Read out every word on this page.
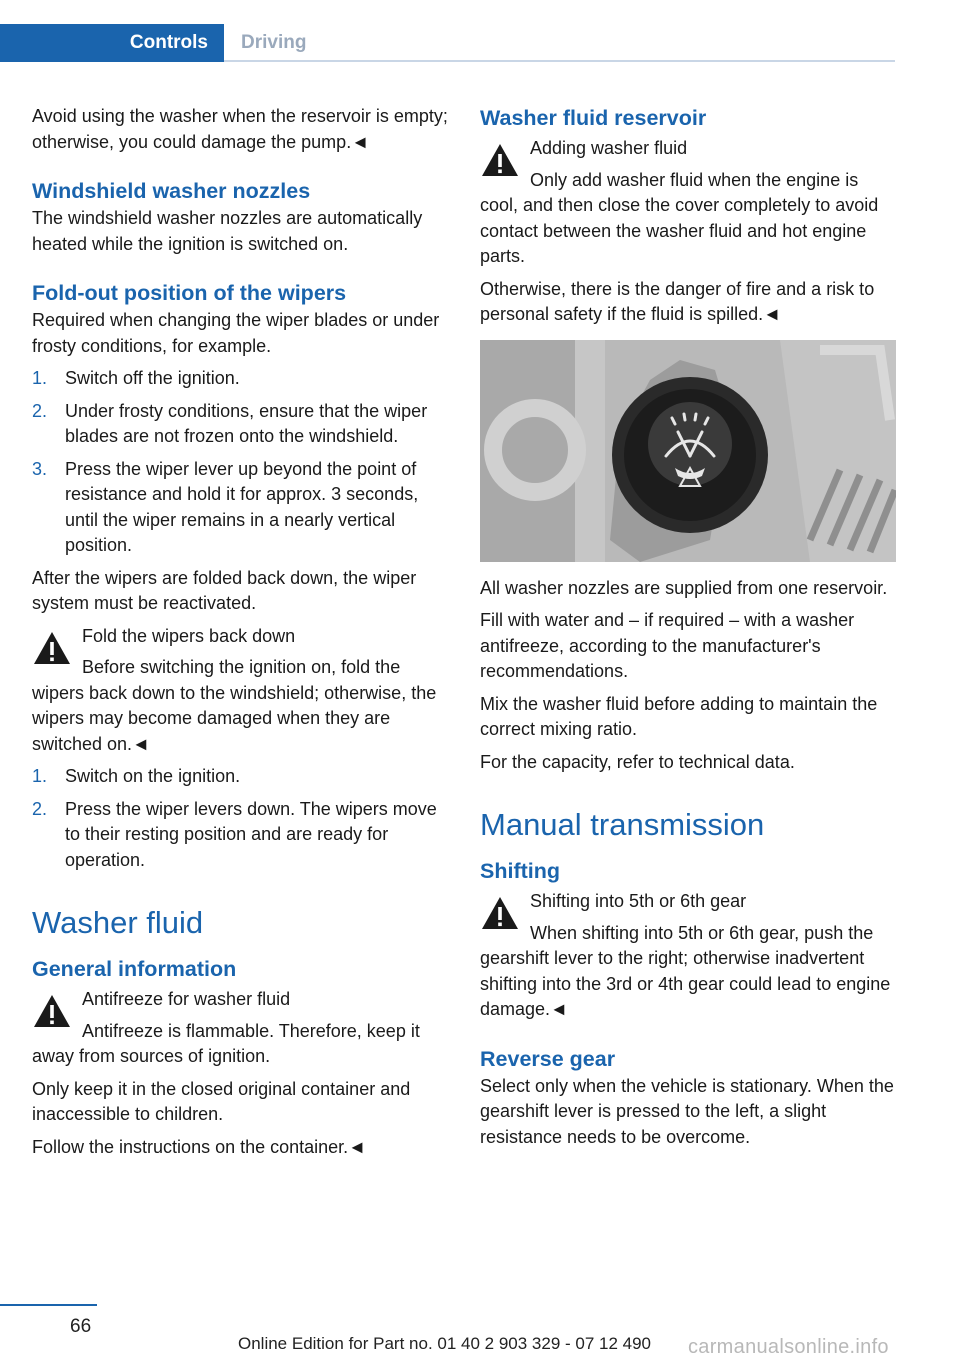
Controls	Driving

Avoid using the washer when the reservoir is empty; otherwise, you could damage the pump.◄

Windshield washer nozzles

The windshield washer nozzles are automatically heated while the ignition is switched on.

Fold-out position of the wipers

Required when changing the wiper blades or under frosty conditions, for example.

1. Switch off the ignition.
2. Under frosty conditions, ensure that the wiper blades are not frozen onto the windshield.
3. Press the wiper lever up beyond the point of resistance and hold it for approx. 3 seconds, until the wiper remains in a nearly vertical position.

After the wipers are folded back down, the wiper system must be reactivated.

Fold the wipers back down
Before switching the ignition on, fold the wipers back down to the windshield; otherwise, the wipers may become damaged when they are switched on.◄
1. Switch on the ignition.
2. Press the wiper levers down. The wipers move to their resting position and are ready for operation.
Washer fluid
General information
Antifreeze for washer fluid
Antifreeze is flammable. Therefore, keep it away from sources of ignition.

Only keep it in the closed original container and inaccessible to children.

Follow the instructions on the container.◄

Washer fluid reservoir
Adding washer fluid
Only add washer fluid when the engine is cool, and then close the cover completely to avoid contact between the washer fluid and hot engine parts.

Otherwise, there is the danger of fire and a risk to personal safety if the fluid is spilled.◄

All washer nozzles are supplied from one reservoir.

Fill with water and – if required – with a washer antifreeze, according to the manufacturer's recommendations.

Mix the washer fluid before adding to maintain the correct mixing ratio.

For the capacity, refer to technical data.

Manual transmission
Shifting
Shifting into 5th or 6th gear
When shifting into 5th or 6th gear, push the gearshift lever to the right; otherwise inadvertent shifting into the 3rd or 4th gear could lead to engine damage.◄
Reverse gear

Select only when the vehicle is stationary. When the gearshift lever is pressed to the left, a slight resistance needs to be overcome.

66
Online Edition for Part no. 01 40 2 903 329 - 07 12 490 carmanualsonline.info
